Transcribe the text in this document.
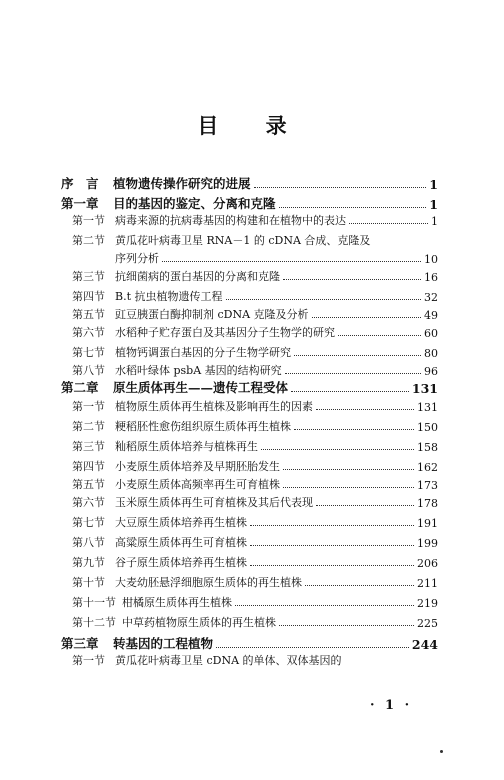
目 录
序　言	植物遗传操作研究的进展	1
第一章	目的基因的鉴定、分离和克隆	1
第一节 病毒来源的抗病毒基因的构建和在植物中的表达	1
第二节 黄瓜花叶病毒卫星 RNA－1 的 cDNA 合成、克隆及
序列分析	10
第三节 抗细菌病的蛋白基因的分离和克隆	16
第四节 B.t 抗虫植物遗传工程	32
第五节 豇豆胰蛋白酶抑制剂 cDNA 克隆及分析	49
第六节 水稻种子贮存蛋白及其基因分子生物学的研究	60
第七节 植物钙调蛋白基因的分子生物学研究	80
第八节 水稻叶绿体 psbA 基因的结构研究	96
第二章	原生质体再生——遗传工程受体	131
第一节 植物原生质体再生植株及影响再生的因素	131
第二节 粳稻胚性愈伤组织原生质体再生植株	150
第三节 籼稻原生质体培养与植株再生	158
第四节 小麦原生质体培养及早期胚胎发生	162
第五节 小麦原生质体高频率再生可育植株	173
第六节 玉米原生质体再生可育植株及其后代表现	178
第七节 大豆原生质体培养再生植株	191
第八节 高粱原生质体再生可育植株	199
第九节 谷子原生质体培养再生植株	206
第十节 大麦幼胚悬浮细胞原生质体的再生植株	211
第十一节 柑橘原生质体再生植株	219
第十二节 中草药植物原生质体的再生植株	225
第三章	转基因的工程植物	244
第一节 黄瓜花叶病毒卫星 cDNA 的单体、双体基因的
· 1 ·
